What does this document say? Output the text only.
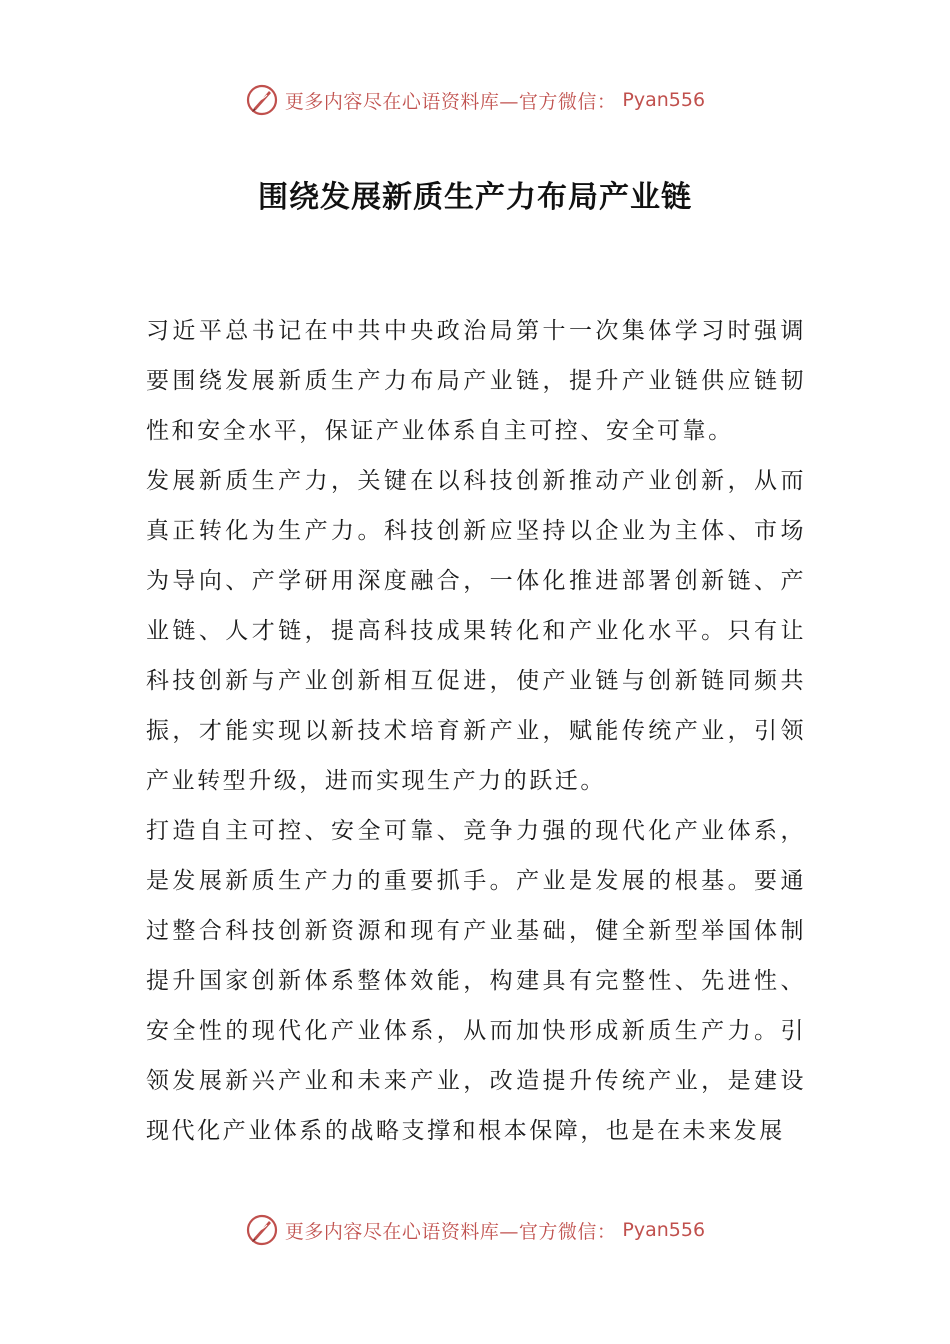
更多内容尽在心语资料库—官方微信： Pyan556
围绕发展新质生产力布局产业链

习近平总书记在中共中央政治局第十一次集体学习时强调要围绕发展新质生产力布局产业链，提升产业链供应链韧性和安全水平，保证产业体系自主可控、安全可靠。

发展新质生产力，关键在以科技创新推动产业创新，从而真正转化为生产力。科技创新应坚持以企业为主体、市场为导向、产学研用深度融合，一体化推进部署创新链、产业链、人才链，提高科技成果转化和产业化水平。只有让科技创新与产业创新相互促进，使产业链与创新链同频共振，才能实现以新技术培育新产业，赋能传统产业，引领产业转型升级，进而实现生产力的跃迁。

打造自主可控、安全可靠、竞争力强的现代化产业体系，是发展新质生产力的重要抓手。产业是发展的根基。要通过整合科技创新资源和现有产业基础，健全新型举国体制提升国家创新体系整体效能，构建具有完整性、先进性、安全性的现代化产业体系，从而加快形成新质生产力。引领发展新兴产业和未来产业，改造提升传统产业，是建设现代化产业体系的战略支撑和根本保障，也是在未来发展

更多内容尽在心语资料库—官方微信： Pyan556
